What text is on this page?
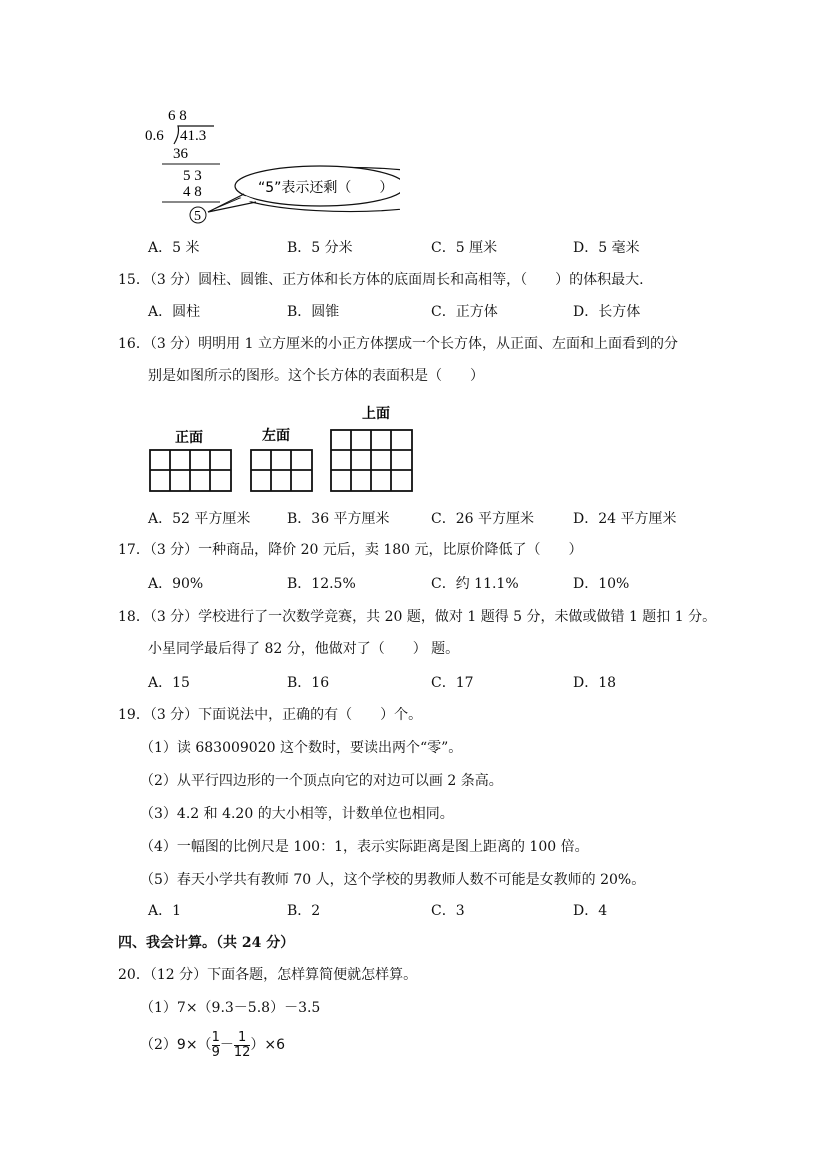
6 8
0.6 41.3
36
5 3
4 8
5
“5”表示还剩（　　）
A．5 米	B．5 分米	C．5 厘米	D．5 毫米
15．（3 分）圆柱、圆锥、正方体和长方体的底面周长和高相等，（　　）的体积最大.
A．圆柱	B．圆锥	C．正方体	D．长方体
16．（3 分）明明用 1 立方厘米的小正方体摆成一个长方体，从正面、左面和上面看到的分
别是如图所示的图形。这个长方体的表面积是（　　）
正面	左面
上面
A．52 平方厘米	B．36 平方厘米	C．26 平方厘米	D．24 平方厘米
17．（3 分）一种商品，降价 20 元后，卖 180 元，比原价降低了（　　）
A．90%	B．12.5%	C．约 11.1%	D．10%
18．（3 分）学校进行了一次数学竞赛，共 20 题，做对 1 题得 5 分，未做或做错 1 题扣 1 分。
小星同学最后得了 82 分，他做对了（　　） 题。
A．15	B．16	C．17	D．18
19．（3 分）下面说法中，正确的有（　　）个。
（1）读 683009020 这个数时，要读出两个“零”。
（2）从平行四边形的一个顶点向它的对边可以画 2 条高。
（3）4.2 和 4.20 的大小相等，计数单位也相同。
（4）一幅图的比例尺是 100：1，表示实际距离是图上距离的 100 倍。
（5）春天小学共有教师 70 人，这个学校的男教师人数不可能是女教师的 20%。
A．1	B．2	C．3	D．4
四、我会计算。（共 24 分）
20．（12 分）下面各题，怎样算简便就怎样算。
（1）7×（9.3－5.8）－3.5
$(2)9\times( \frac{1}{9} - \frac{1}{12} )\times 6$
